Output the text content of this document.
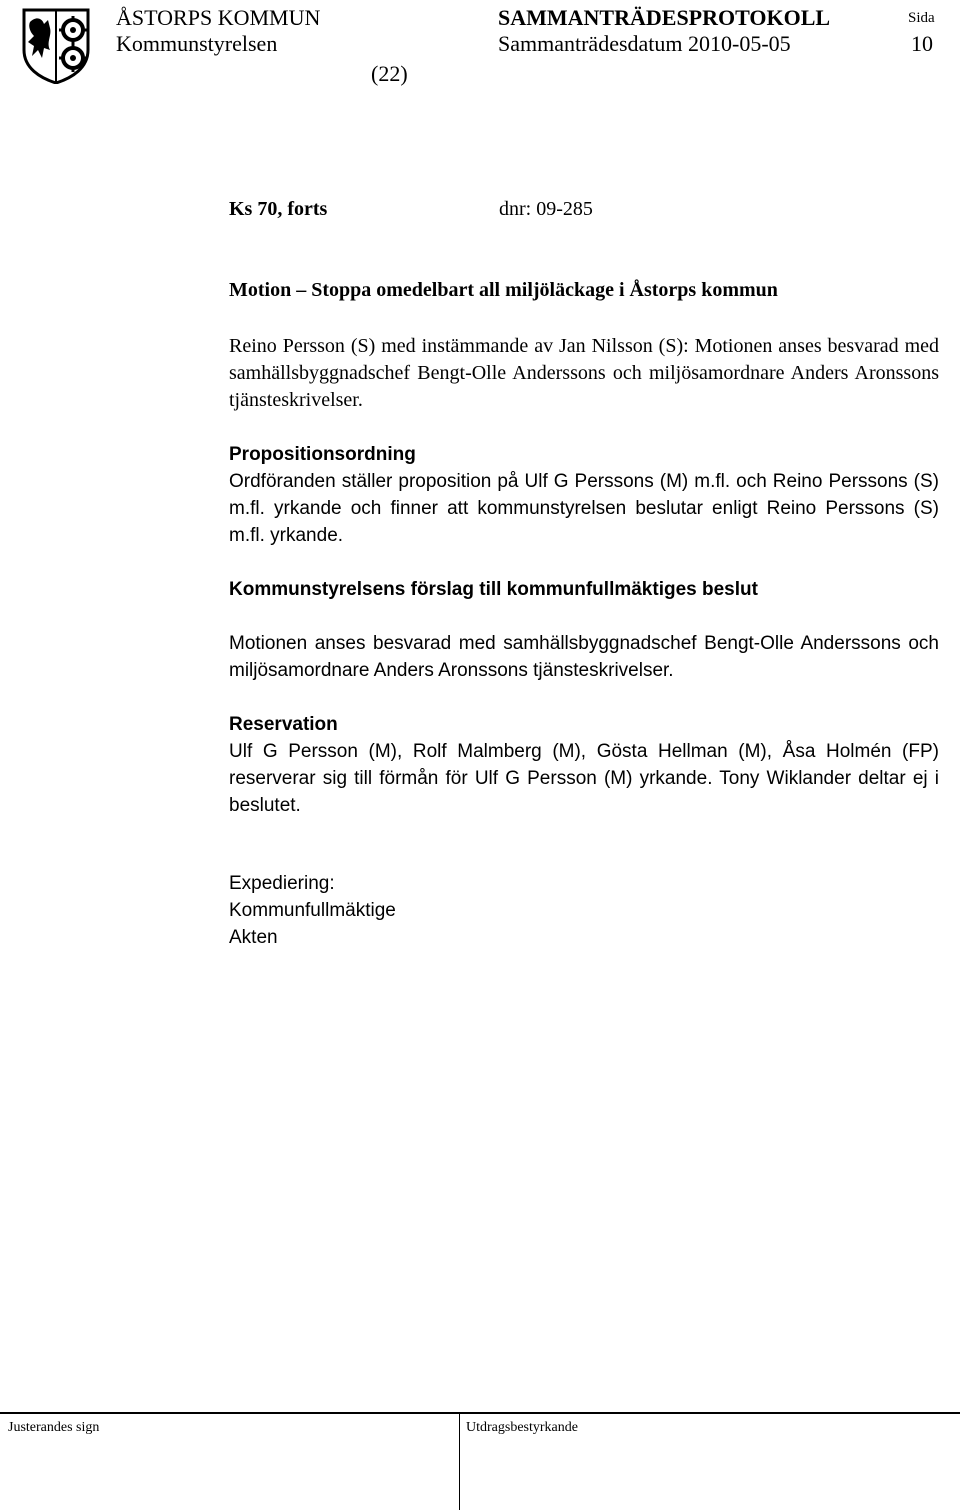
ÅSTORPS KOMMUN
Kommunstyrelsen
(22)
SAMMANTRÄDESPROTOKOLL
Sammanträdesdatum 2010-05-05
Sida
10
Ks 70, forts	dnr: 09-285
Motion – Stoppa omedelbart all miljöläckage i Åstorps kommun

Reino Persson (S) med instämmande av Jan Nilsson (S): Motionen anses besvarad med samhällsbyggnadschef Bengt-Olle Anderssons och miljösamordnare Anders Aronssons tjänsteskrivelser.

Propositionsordning

Ordföranden ställer proposition på Ulf G Perssons (M) m.fl. och Reino Perssons (S) m.fl. yrkande och finner att kommunstyrelsen beslutar enligt Reino Perssons (S) m.fl. yrkande.

Kommunstyrelsens förslag till kommunfullmäktiges beslut

Motionen anses besvarad med samhällsbyggnadschef Bengt-Olle Anderssons och miljösamordnare Anders Aronssons tjänsteskrivelser.

Reservation

Ulf G Persson (M), Rolf Malmberg (M), Gösta Hellman (M), Åsa Holmén (FP) reserverar sig till förmån för Ulf G Persson (M) yrkande. Tony Wiklander deltar ej i beslutet.

Expediering:
Kommunfullmäktige
Akten
Justerandes sign	Utdragsbestyrkande
